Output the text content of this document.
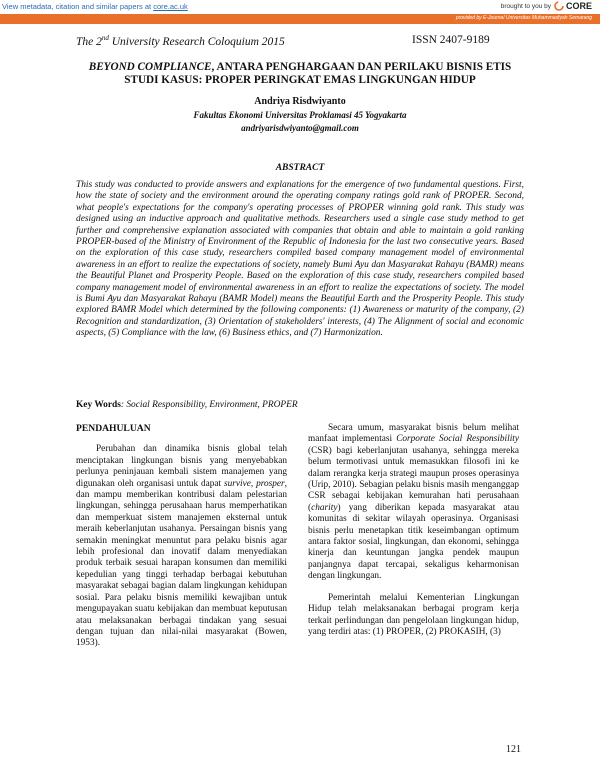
View metadata, citation and similar papers at core.ac.uk	brought to you by CORE
provided by E-Journal Universitas Muhammadiyah Semarang
The 2nd University Research Coloquium 2015	ISSN 2407-9189
BEYOND COMPLIANCE, ANTARA PENGHARGAAN DAN PERILAKU BISNIS ETIS
STUDI KASUS: PROPER PERINGKAT EMAS LINGKUNGAN HIDUP
Andriya Risdwiyanto
Fakultas Ekonomi Universitas Proklamasi 45 Yogyakarta
andriyarisdwiyanto@gmail.com
ABSTRACT

This study was conducted to provide answers and explanations for the emergence of two fundamental questions. First, how the state of society and the environment around the operating company ratings gold rank of PROPER. Second, what people's expectations for the company's operating processes of PROPER winning gold rank. This study was designed using an inductive approach and qualitative methods. Researchers used a single case study method to get further and comprehensive explanation associated with companies that obtain and able to maintain a gold ranking PROPER-based of the Ministry of Environment of the Republic of Indonesia for the last two consecutive years. Based on the exploration of this case study, researchers compiled based company management model of environmental awareness in an effort to realize the expectations of society, namely Bumi Ayu dan Masyarakat Rahayu (BAMR) means the Beautiful Planet and Prosperity People. Based on the exploration of this case study, researchers compiled based company management model of environmental awareness in an effort to realize the expectations of society. The model is Bumi Ayu dan Masyarakat Rahayu (BAMR Model) means the Beautiful Earth and the Prosperity People. This study explored BAMR Model which determined by the following components: (1) Awareness or maturity of the company, (2) Recognition and standardization, (3) Orientation of stakeholders' interests, (4) The Alignment of social and economic aspects, (5) Compliance with the law, (6) Business ethics, and (7) Harmonization.

Key Words: Social Responsibility, Environment, PROPER
PENDAHULUAN

Perubahan dan dinamika bisnis global telah menciptakan lingkungan bisnis yang menyebabkan perlunya peninjauan kembali sistem manajemen yang digunakan oleh organisasi untuk dapat survive, prosper, dan mampu memberikan kontribusi dalam pelestarian lingkungan, sehingga perusahaan harus memperhatikan dan memperkuat sistem manajemen eksternal untuk meraih keberlanjutan usahanya. Persaingan bisnis yang semakin meningkat menuntut para pelaku bisnis agar lebih profesional dan inovatif dalam menyediakan produk terbaik sesuai harapan konsumen dan memiliki kepedulian yang tinggi terhadap berbagai kebutuhan masyarakat sebagai bagian dalam lingkungan kehidupan sosial. Para pelaku bisnis memiliki kewajiban untuk mengupayakan suatu kebijakan dan membuat keputusan atau melaksanakan berbagai tindakan yang sesuai dengan tujuan dan nilai-nilai masyarakat (Bowen, 1953).

Secara umum, masyarakat bisnis belum melihat manfaat implementasi Corporate Social Responsibility (CSR) bagi keberlanjutan usahanya, sehingga mereka belum termotivasi untuk memasukkan filosofi ini ke dalam rerangka kerja strategi maupun proses operasinya (Urip, 2010). Sebagian pelaku bisnis masih menganggap CSR sebagai kebijakan kemurahan hati perusahaan (charity) yang diberikan kepada masyarakat atau komunitas di sekitar wilayah operasinya. Organisasi bisnis perlu menetapkan titik keseimbangan optimum antara faktor sosial, lingkungan, dan ekonomi, sehingga kinerja dan keuntungan jangka pendek maupun panjangnya dapat tercapai, sekaligus keharmonisan dengan lingkungan.

Pemerintah melalui Kementerian Lingkungan Hidup telah melaksanakan berbagai program kerja terkait perlindungan dan pengelolaan lingkungan hidup, yang terdiri atas: (1) PROPER, (2) PROKASIH, (3)

121
